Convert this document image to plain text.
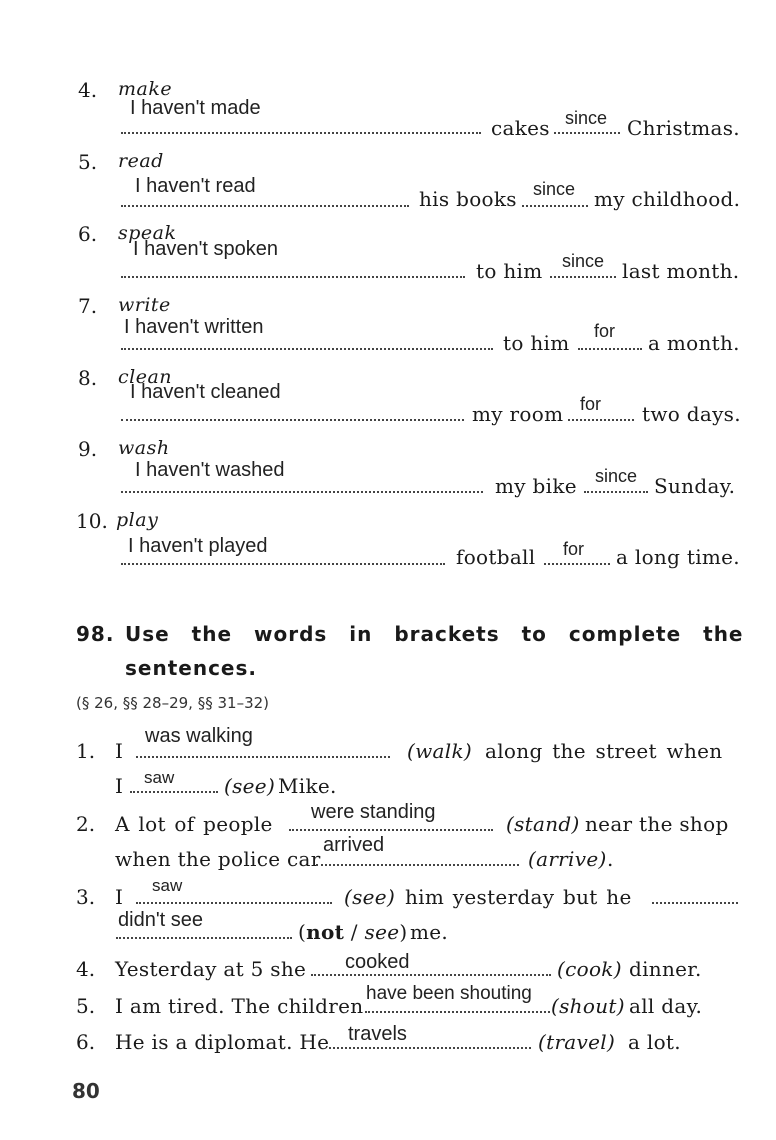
4. make
I haven't made
cakes since Christmas.
5. read
I haven't read
his books since my childhood.
6. speak
I haven't spoken
to him since last month.
7. write
I haven't written
to him for a month.
8. clean
I haven't cleaned
my room for two days.
9. wash
I haven't washed
my bike since Sunday.
10. play
I haven't played	football for a long time.
98. Use the words in brackets to complete the
sentences.
(§ 26, §§ 28–29, §§ 31–32)
1. I
was walking
(walk) along the street when
I saw (see) Mike.
2. A lot of people were standing	(stand) near the shop
when the police car
arrived
(arrive) .
3. I saw	(see) him yesterday but he
didn't see	(not / see) me.
4. Yesterday at 5 she cooked	(cook) dinner.
5. I am tired. The children
have been shouting
(shout) all day.
6. He is a diplomat. He travels	(travel) a lot.
80
